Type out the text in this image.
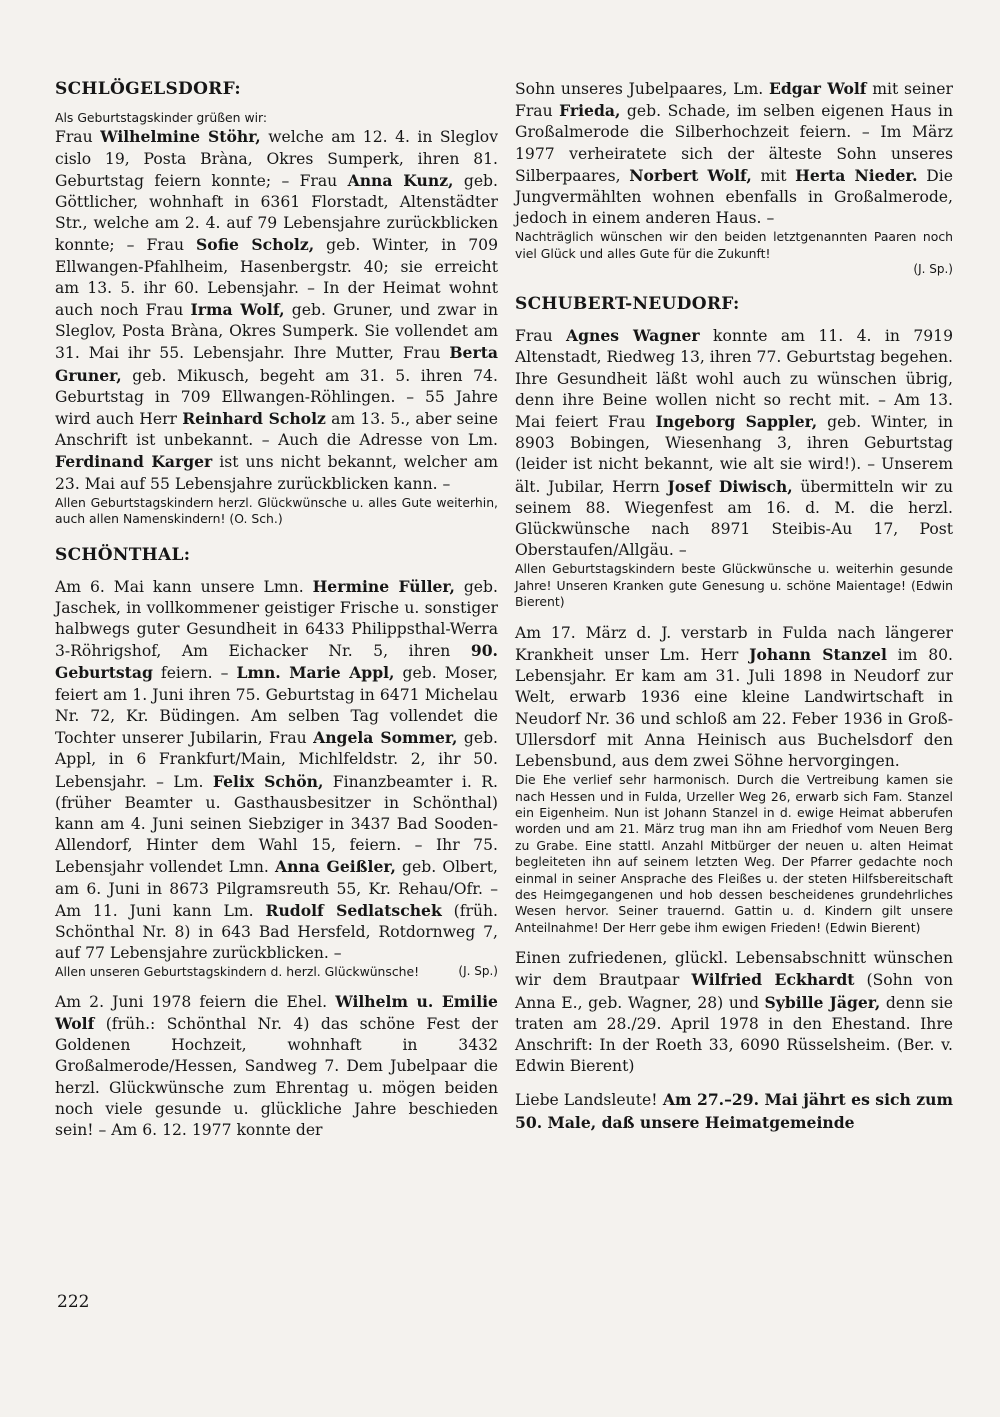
SCHLÖGELSDORF:

Als Geburtstagskinder grüßen wir:

Frau Wilhelmine Stöhr, welche am 12. 4. in Sleglov cislo 19, Posta Bràna, Okres Sumperk, ihren 81. Geburtstag feiern konnte; – Frau Anna Kunz, geb. Göttlicher, wohnhaft in 6361 Florstadt, Altenstädter Str., welche am 2. 4. auf 79 Lebensjahre zurückblicken konnte; – Frau Sofie Scholz, geb. Winter, in 709 Ellwangen-Pfahlheim, Hasenbergstr. 40; sie erreicht am 13. 5. ihr 60. Lebensjahr. – In der Heimat wohnt auch noch Frau Irma Wolf, geb. Gruner, und zwar in Sleglov, Posta Bràna, Okres Sumperk. Sie vollendet am 31. Mai ihr 55. Lebensjahr. Ihre Mutter, Frau Berta Gruner, geb. Mikusch, begeht am 31. 5. ihren 74. Geburtstag in 709 Ellwangen-Röhlingen. – 55 Jahre wird auch Herr Reinhard Scholz am 13. 5., aber seine Anschrift ist unbekannt. – Auch die Adresse von Lm. Ferdinand Karger ist uns nicht bekannt, welcher am 23. Mai auf 55 Lebensjahre zurückblicken kann. –

Allen Geburtstagskindern herzl. Glückwünsche u. alles Gute weiterhin, auch allen Namenskindern! (O. Sch.)

SCHÖNTHAL:

Am 6. Mai kann unsere Lmn. Hermine Füller, geb. Jaschek, in vollkommener geistiger Frische u. sonstiger halbwegs guter Gesundheit in 6433 Philippsthal-Werra 3-Röhrigshof, Am Eichacker Nr. 5, ihren 90. Geburtstag feiern. – Lmn. Marie Appl, geb. Moser, feiert am 1. Juni ihren 75. Geburtstag in 6471 Michelau Nr. 72, Kr. Büdingen. Am selben Tag vollendet die Tochter unserer Jubilarin, Frau Angela Sommer, geb. Appl, in 6 Frankfurt/Main, Michlfeldstr. 2, ihr 50. Lebensjahr. – Lm. Felix Schön, Finanzbeamter i. R. (früher Beamter u. Gasthausbesitzer in Schönthal) kann am 4. Juni seinen Siebziger in 3437 Bad Sooden-Allendorf, Hinter dem Wahl 15, feiern. – Ihr 75. Lebensjahr vollendet Lmn. Anna Geißler, geb. Olbert, am 6. Juni in 8673 Pilgramsreuth 55, Kr. Rehau/Ofr. – Am 11. Juni kann Lm. Rudolf Sedlatschek (früh. Schönthal Nr. 8) in 643 Bad Hersfeld, Rotdornweg 7, auf 77 Lebensjahre zurückblicken. –

Allen unseren Geburtstagskindern d. herzl. Glückwünsche!	(J. Sp.)

Am 2. Juni 1978 feiern die Ehel. Wilhelm u. Emilie Wolf (früh.: Schönthal Nr. 4) das schöne Fest der Goldenen Hochzeit, wohnhaft in 3432 Großalmerode/Hessen, Sandweg 7. Dem Jubelpaar die herzl. Glückwünsche zum Ehrentag u. mögen beiden noch viele gesunde u. glückliche Jahre beschieden sein! – Am 6. 12. 1977 konnte der

Sohn unseres Jubelpaares, Lm. Edgar Wolf mit seiner Frau Frieda, geb. Schade, im selben eigenen Haus in Großalmerode die Silberhochzeit feiern. – Im März 1977 verheiratete sich der älteste Sohn unseres Silberpaares, Norbert Wolf, mit Herta Nieder. Die Jungvermählten wohnen ebenfalls in Großalmerode, jedoch in einem anderen Haus. –

Nachträglich wünschen wir den beiden letztgenannten Paaren noch viel Glück und alles Gute für die Zukunft!

(J. Sp.)
SCHUBERT-NEUDORF:

Frau Agnes Wagner konnte am 11. 4. in 7919 Altenstadt, Riedweg 13, ihren 77. Geburtstag begehen. Ihre Gesundheit läßt wohl auch zu wünschen übrig, denn ihre Beine wollen nicht so recht mit. – Am 13. Mai feiert Frau Ingeborg Sappler, geb. Winter, in 8903 Bobingen, Wiesenhang 3, ihren Geburtstag (leider ist nicht bekannt, wie alt sie wird!). – Unserem ält. Jubilar, Herrn Josef Diwisch, übermitteln wir zu seinem 88. Wiegenfest am 16. d. M. die herzl. Glückwünsche nach 8971 Steibis-Au 17, Post Oberstaufen/Allgäu. –

Allen Geburtstagskindern beste Glückwünsche u. weiterhin gesunde Jahre! Unseren Kranken gute Genesung u. schöne Maientage! (Edwin Bierent)

Am 17. März d. J. verstarb in Fulda nach längerer Krankheit unser Lm. Herr Johann Stanzel im 80. Lebensjahr. Er kam am 31. Juli 1898 in Neudorf zur Welt, erwarb 1936 eine kleine Landwirtschaft in Neudorf Nr. 36 und schloß am 22. Feber 1936 in Groß-Ullersdorf mit Anna Heinisch aus Buchelsdorf den Lebensbund, aus dem zwei Söhne hervorgingen.

Die Ehe verlief sehr harmonisch. Durch die Vertreibung kamen sie nach Hessen und in Fulda, Urzeller Weg 26, erwarb sich Fam. Stanzel ein Eigenheim. Nun ist Johann Stanzel in d. ewige Heimat abberufen worden und am 21. März trug man ihn am Friedhof vom Neuen Berg zu Grabe. Eine stattl. Anzahl Mitbürger der neuen u. alten Heimat begleiteten ihn auf seinem letzten Weg. Der Pfarrer gedachte noch einmal in seiner Ansprache des Fleißes u. der steten Hilfsbereitschaft des Heimgegangenen und hob dessen bescheidenes grundehrliches Wesen hervor. Seiner trauernd. Gattin u. d. Kindern gilt unsere Anteilnahme! Der Herr gebe ihm ewigen Frieden! (Edwin Bierent)

Einen zufriedenen, glückl. Lebensabschnitt wünschen wir dem Brautpaar Wilfried Eckhardt (Sohn von Anna E., geb. Wagner, 28) und Sybille Jäger, denn sie traten am 28./29. April 1978 in den Ehestand. Ihre Anschrift: In der Roeth 33, 6090 Rüsselsheim. (Ber. v. Edwin Bierent)

Liebe Landsleute! Am 27.–29. Mai jährt es sich zum 50. Male, daß unsere Heimatgemeinde

222
